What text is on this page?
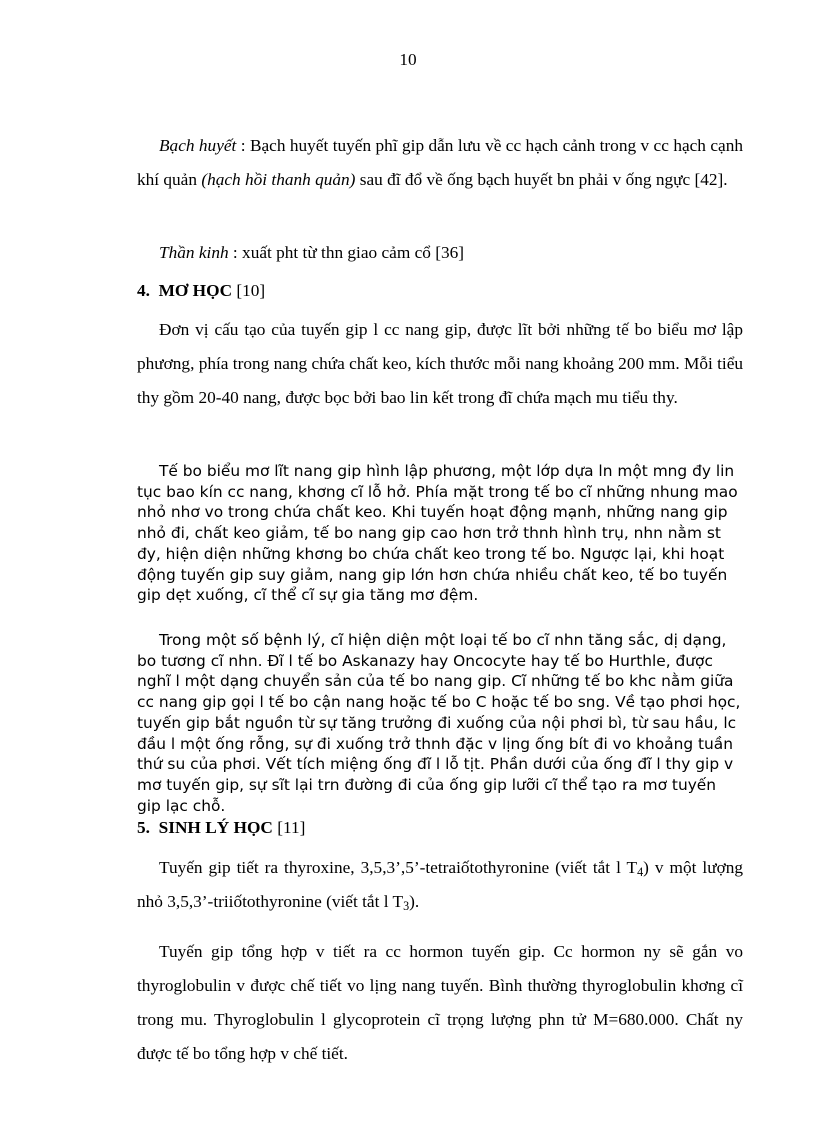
10

Bạch huyết : Bạch huyết tuyến phĩ gip dẫn lưu về cc hạch cảnh trong v cc hạch cạnh khí quản (hạch hồi thanh quản) sau đĩ đổ về ống bạch huyết bn phải v ống ngực [42].

Thần kinh : xuất pht từ thn giao cảm cổ [36]

4. MƠ HỌC [10]

Đơn vị cấu tạo của tuyến gip l cc nang gip, được lĩt bởi những tế bo biểu mơ lập phương, phía trong nang chứa chất keo, kích thước mỗi nang khoảng 200 mm. Mỗi tiểu thy gồm 20-40 nang, được bọc bởi bao lin kết trong đĩ chứa mạch mu tiểu thy.

Tế bo biểu mơ lĩt nang gip hình lập phương, một lớp dựa ln một mng đy lin tục bao kín cc nang, khơng cĩ lỗ hở. Phía mặt trong tế bo cĩ những nhung mao nhỏ nhơ vo trong chứa chất keo. Khi tuyến hoạt động mạnh, những nang gip nhỏ đi, chất keo giảm, tế bo nang gip cao hơn trở thnh hình trụ, nhn nằm st đy, hiện diện những khơng bo chứa chất keo trong tế bo. Ngược lại, khi hoạt động tuyến gip suy giảm, nang gip lớn hơn chứa nhiều chất keo, tế bo tuyến gip dẹt xuống, cĩ thể cĩ sự gia tăng mơ đệm.

Trong một số bệnh lý, cĩ hiện diện một loại tế bo cĩ nhn tăng sắc, dị dạng, bo tương cĩ nhn. Đĩ l tế bo Askanazy hay Oncocyte hay tế bo Hurthle, được nghĩ l một dạng chuyển sản của tế bo nang gip. Cĩ những tế bo khc nằm giữa cc nang gip gọi l tế bo cận nang hoặc tế bo C hoặc tế bo sng. Về tạo phơi học, tuyến gip bắt nguồn từ sự tăng trưởng đi xuống của nội phơi bì, từ sau hầu, lc đầu l một ống rỗng, sự đi xuống trở thnh đặc v lịng ống bít đi vo khoảng tuần thứ su của phơi. Vết tích miệng ống đĩ l lỗ tịt. Phần dưới của ống đĩ l thy gip v mơ tuyến gip, sự sĩt lại trn đường đi của ống gip lưỡi cĩ thể tạo ra mơ tuyến gip lạc chỗ.

5. SINH LÝ HỌC [11]

Tuyến gip tiết ra thyroxine, 3,5,3’,5’-tetraiốtothyronine (viết tắt l $T_4$) v một lượng nhỏ 3,5,3’-triiốtothyronine (viết tắt l $T_3$).

Tuyến gip tổng hợp v tiết ra cc hormon tuyến gip. Cc hormon ny sẽ gắn vo thyroglobulin v được chế tiết vo lịng nang tuyến. Bình thường thyroglobulin khơng cĩ trong mu. Thyroglobulin l glycoprotein cĩ trọng lượng phn tử M=680.000. Chất ny được tế bo tổng hợp v chế tiết.
